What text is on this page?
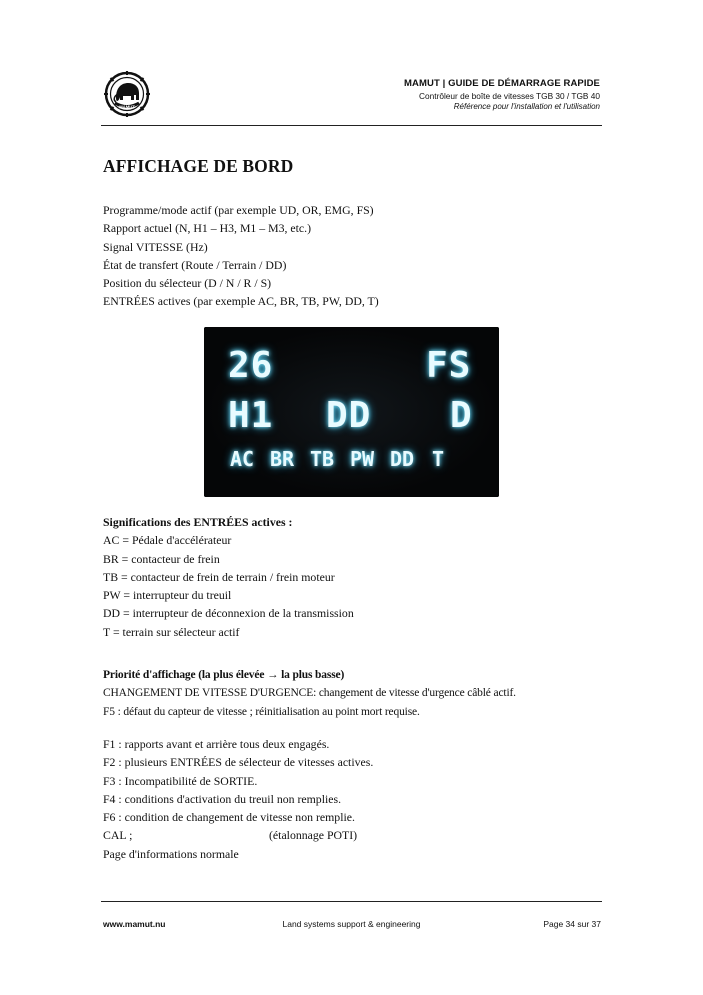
MAMUT
MAMUT | GUIDE DE DÉMARRAGE RAPIDE
Contrôleur de boîte de vitesses TGB 30 / TGB 40
Référence pour l'installation et l'utilisation
AFFICHAGE DE BORD
Programme/mode actif (par exemple UD, OR, EMG, FS)
Rapport actuel (N, H1 – H3, M1 – M3, etc.)
Signal VITESSE (Hz)
État de transfert (Route / Terrain / DD)
Position du sélecteur (D / N / R / S)
ENTRÉES actives (par exemple AC, BR, TB, PW, DD, T)
26	FS
H1 DD D
AC BR TB PW DD T
Significations des ENTRÉES actives :
AC = Pédale d'accélérateur
BR = contacteur de frein
TB = contacteur de frein de terrain / frein moteur
PW = interrupteur du treuil
DD = interrupteur de déconnexion de la transmission
T = terrain sur sélecteur actif
Priorité d'affichage (la plus élevée → la plus basse)
CHANGEMENT DE VITESSE D'URGENCE: changement de vitesse d'urgence câblé actif.
F5 : défaut du capteur de vitesse ; réinitialisation au point mort requise.
F1 : rapports avant et arrière tous deux engagés.
F2 : plusieurs ENTRÉES de sélecteur de vitesses actives.
F3 : Incompatibilité de SORTIE.
F4 : conditions d'activation du treuil non remplies.
F6 : condition de changement de vitesse non remplie.
CAL ;	(étalonnage POTI)
Page d'informations normale
www.mamut.nu	Land systems support & engineering	Page 34 sur 37
